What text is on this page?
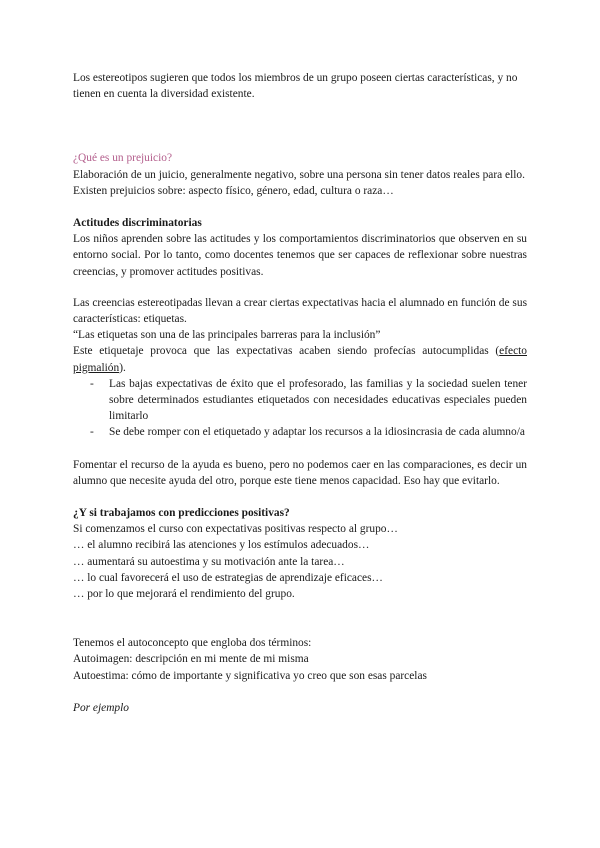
Los estereotipos sugieren que todos los miembros de un grupo poseen ciertas características, y no tienen en cuenta la diversidad existente.

¿Qué es un prejuicio?

Elaboración de un juicio, generalmente negativo, sobre una persona sin tener datos reales para ello.

Existen prejuicios sobre: aspecto físico, género, edad, cultura o raza…

Actitudes discriminatorias

Los niños aprenden sobre las actitudes y los comportamientos discriminatorios que observen en su entorno social. Por lo tanto, como docentes tenemos que ser capaces de reflexionar sobre nuestras creencias, y promover actitudes positivas.

Las creencias estereotipadas llevan a crear ciertas expectativas hacia el alumnado en función de sus características: etiquetas.

“Las etiquetas son una de las principales barreras para la inclusión”

Este etiquetaje provoca que las expectativas acaben siendo profecías autocumplidas (efecto pigmalión).

- Las bajas expectativas de éxito que el profesorado, las familias y la sociedad suelen tener sobre determinados estudiantes etiquetados con necesidades educativas especiales pueden limitarlo
- Se debe romper con el etiquetado y adaptar los recursos a la idiosincrasia de cada alumno/a

Fomentar el recurso de la ayuda es bueno, pero no podemos caer en las comparaciones, es decir un alumno que necesite ayuda del otro, porque este tiene menos capacidad. Eso hay que evitarlo.

¿Y si trabajamos con predicciones positivas?

Si comenzamos el curso con expectativas positivas respecto al grupo…

… el alumno recibirá las atenciones y los estímulos adecuados…

… aumentará su autoestima y su motivación ante la tarea…

… lo cual favorecerá el uso de estrategias de aprendizaje eficaces…

… por lo que mejorará el rendimiento del grupo.

Tenemos el autoconcepto que engloba dos términos:

Autoimagen: descripción en mi mente de mi misma

Autoestima: cómo de importante y significativa yo creo que son esas parcelas

Por ejemplo
